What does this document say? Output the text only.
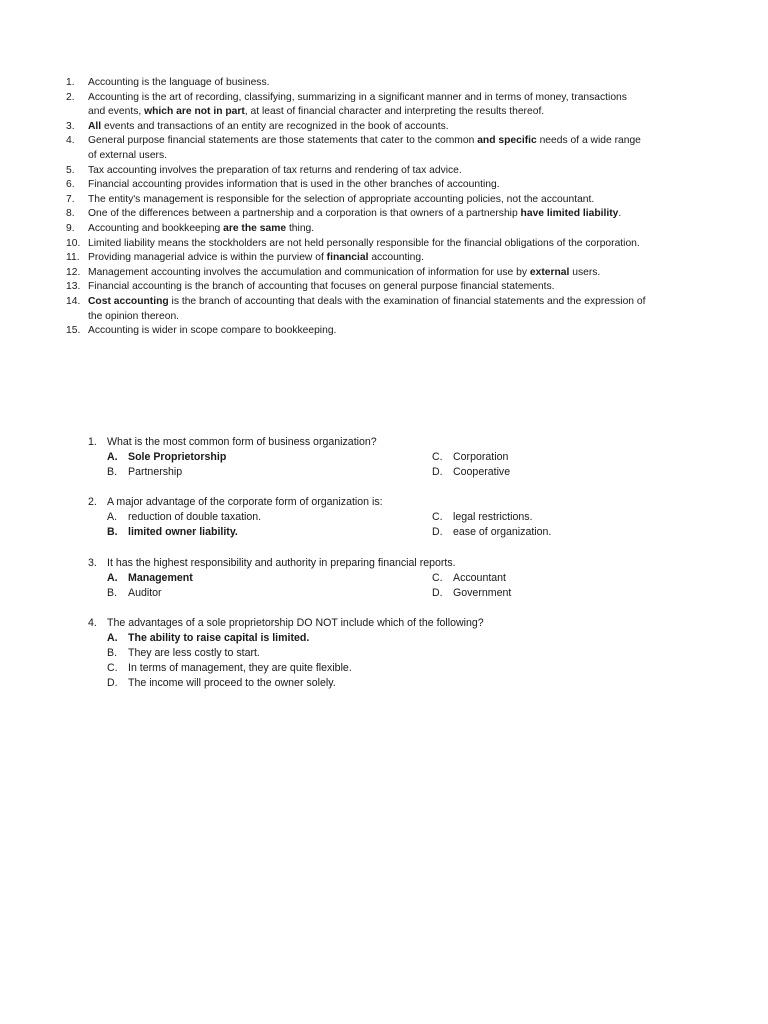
1.	Accounting is the language of business.
2.	Accounting is the art of recording, classifying, summarizing in a significant manner and in terms of money, transactions and events, which are not in part, at least of financial character and interpreting the results thereof.
3.	All events and transactions of an entity are recognized in the book of accounts.
4.	General purpose financial statements are those statements that cater to the common and specific needs of a wide range of external users.
5.	Tax accounting involves the preparation of tax returns and rendering of tax advice.
6.	Financial accounting provides information that is used in the other branches of accounting.
7.	The entity's management is responsible for the selection of appropriate accounting policies, not the accountant.
8.	One of the differences between a partnership and a corporation is that owners of a partnership have limited liability.
9.	Accounting and bookkeeping are the same thing.
10. Limited liability means the stockholders are not held personally responsible for the financial obligations of the corporation.
11. Providing managerial advice is within the purview of financial accounting.
12. Management accounting involves the accumulation and communication of information for use by external users.
13. Financial accounting is the branch of accounting that focuses on general purpose financial statements.
14. Cost accounting is the branch of accounting that deals with the examination of financial statements and the expression of the opinion thereon.
15. Accounting is wider in scope compare to bookkeeping.
1. What is the most common form of business organization?
A. Sole Proprietorship	C. Corporation
B.	Partnership	D. Cooperative
2. A major advantage of the corporate form of organization is:
A.	reduction of double taxation.	C. legal restrictions.
B. limited owner liability.	D. ease of organization.
3. It has the highest responsibility and authority in preparing financial reports.
A. Management	C. Accountant
B.	Auditor	D. Government
4. The advantages of a sole proprietorship DO NOT include which of the following?
A. The ability to raise capital is limited.
B.	They are less costly to start.
C. In terms of management, they are quite flexible.
D. The income will proceed to the owner solely.
